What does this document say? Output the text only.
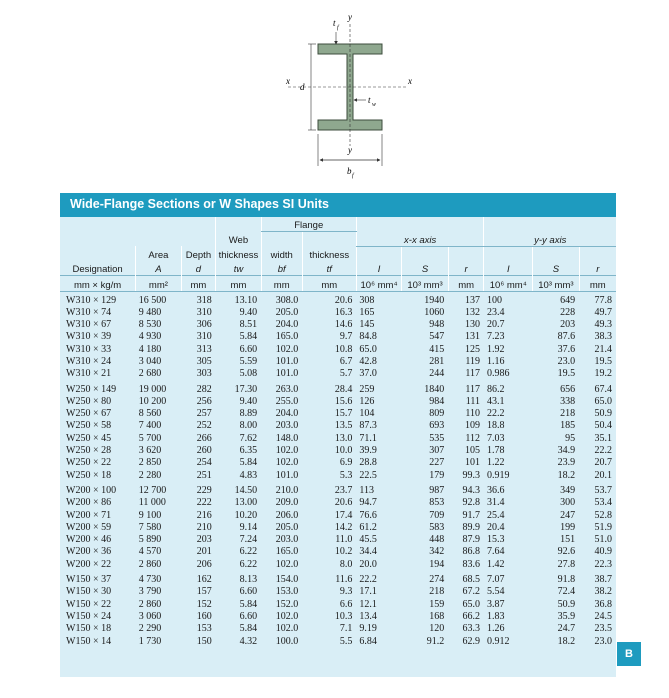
t f
y
d
x
t w
x
y
b f
Wide-Flange Sections or W Shapes SI Units
				Flange							
			Web			x-x axis			y-y axis		
	Area	Depth	thickness	width	thickness						
Designation	A	d	tw	bf	tf	I	S	r	I	S	r
mm × kg/m	mm²	mm	mm	mm	mm	10⁶ mm⁴	10³ mm³	mm	10⁶ mm⁴	10³ mm³	mm
W310 × 129	16 500	318	13.10	308.0	20.6	308	1940	137	100	649	77.8
W310 × 74	9 480	310	9.40	205.0	16.3	165	1060	132	23.4	228	49.7
W310 × 67	8 530	306	8.51	204.0	14.6	145	948	130	20.7	203	49.3
W310 × 39	4 930	310	5.84	165.0	9.7	84.8	547	131	7.23	87.6	38.3
W310 × 33	4 180	313	6.60	102.0	10.8	65.0	415	125	1.92	37.6	21.4
W310 × 24	3 040	305	5.59	101.0	6.7	42.8	281	119	1.16	23.0	19.5
W310 × 21	2 680	303	5.08	101.0	5.7	37.0	244	117	0.986	19.5	19.2
W250 × 149	19 000	282	17.30	263.0	28.4	259	1840	117	86.2	656	67.4
W250 × 80	10 200	256	9.40	255.0	15.6	126	984	111	43.1	338	65.0
W250 × 67	8 560	257	8.89	204.0	15.7	104	809	110	22.2	218	50.9
W250 × 58	7 400	252	8.00	203.0	13.5	87.3	693	109	18.8	185	50.4
W250 × 45	5 700	266	7.62	148.0	13.0	71.1	535	112	7.03	95	35.1
W250 × 28	3 620	260	6.35	102.0	10.0	39.9	307	105	1.78	34.9	22.2
W250 × 22	2 850	254	5.84	102.0	6.9	28.8	227	101	1.22	23.9	20.7
W250 × 18	2 280	251	4.83	101.0	5.3	22.5	179	99.3	0.919	18.2	20.1
W200 × 100	12 700	229	14.50	210.0	23.7	113	987	94.3	36.6	349	53.7
W200 × 86	11 000	222	13.00	209.0	20.6	94.7	853	92.8	31.4	300	53.4
W200 × 71	9 100	216	10.20	206.0	17.4	76.6	709	91.7	25.4	247	52.8
W200 × 59	7 580	210	9.14	205.0	14.2	61.2	583	89.9	20.4	199	51.9
W200 × 46	5 890	203	7.24	203.0	11.0	45.5	448	87.9	15.3	151	51.0
W200 × 36	4 570	201	6.22	165.0	10.2	34.4	342	86.8	7.64	92.6	40.9
W200 × 22	2 860	206	6.22	102.0	8.0	20.0	194	83.6	1.42	27.8	22.3
W150 × 37	4 730	162	8.13	154.0	11.6	22.2	274	68.5	7.07	91.8	38.7
W150 × 30	3 790	157	6.60	153.0	9.3	17.1	218	67.2	5.54	72.4	38.2
W150 × 22	2 860	152	5.84	152.0	6.6	12.1	159	65.0	3.87	50.9	36.8
W150 × 24	3 060	160	6.60	102.0	10.3	13.4	168	66.2	1.83	35.9	24.5
W150 × 18	2 290	153	5.84	102.0	7.1	9.19	120	63.3	1.26	24.7	23.5
W150 × 14	1 730	150	4.32	100.0	5.5	6.84	91.2	62.9	0.912	18.2	23.0
B
